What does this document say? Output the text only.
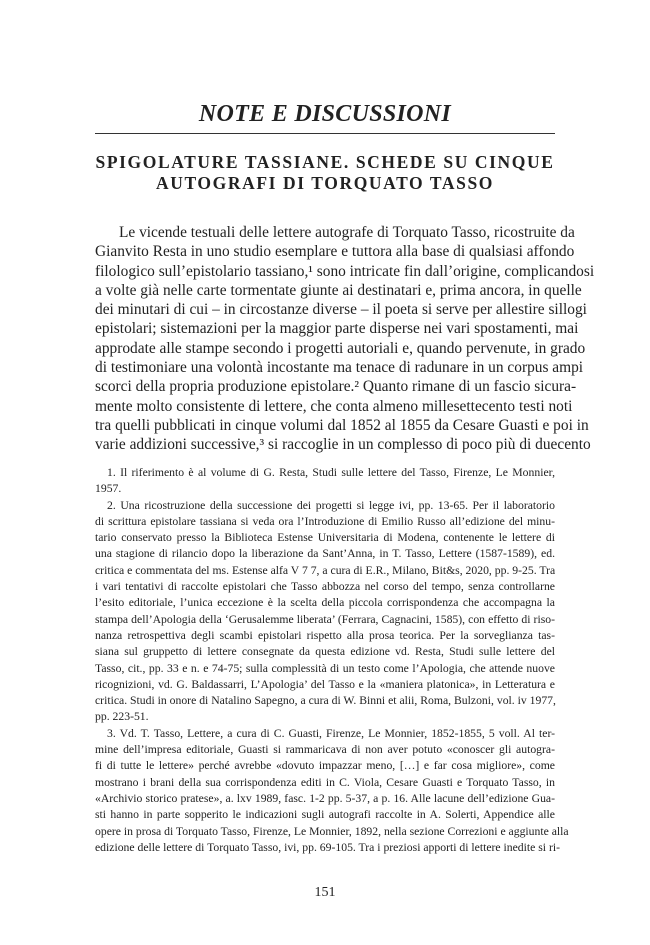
NOTE E DISCUSSIONI
SPIGOLATURE TASSIANE. SCHEDE SU CINQUE
AUTOGRAFI DI TORQUATO TASSO
Le vicende testuali delle lettere autografe di Torquato Tasso, ricostruite da
Gianvito Resta in uno studio esemplare e tuttora alla base di qualsiasi affondo
filologico sull’epistolario tassiano,¹ sono intricate fin dall’origine, complicandosi
a volte già nelle carte tormentate giunte ai destinatari e, prima ancora, in quelle
dei minutari di cui – in circostanze diverse – il poeta si serve per allestire sillogi
epistolari; sistemazioni per la maggior parte disperse nei vari spostamenti, mai
approdate alle stampe secondo i progetti autoriali e, quando pervenute, in grado
di testimoniare una volontà incostante ma tenace di radunare in un corpus ampi
scorci della propria produzione epistolare.² Quanto rimane di un fascio sicura-
mente molto consistente di lettere, che conta almeno millesettecento testi noti
tra quelli pubblicati in cinque volumi dal 1852 al 1855 da Cesare Guasti e poi in
varie addizioni successive,³ si raccoglie in un complesso di poco più di duecento
1. Il riferimento è al volume di G. Resta, Studi sulle lettere del Tasso, Firenze, Le Monnier,
1957.
2. Una ricostruzione della successione dei progetti si legge ivi, pp. 13-65. Per il laboratorio
di scrittura epistolare tassiana si veda ora l’Introduzione di Emilio Russo all’edizione del minu-
tario conservato presso la Biblioteca Estense Universitaria di Modena, contenente le lettere di
una stagione di rilancio dopo la liberazione da Sant’Anna, in T. Tasso, Lettere (1587-1589), ed.
critica e commentata del ms. Estense alfa V 7 7, a cura di E.R., Milano, Bit&s, 2020, pp. 9-25. Tra
i vari tentativi di raccolte epistolari che Tasso abbozza nel corso del tempo, senza controllarne
l’esito editoriale, l’unica eccezione è la scelta della piccola corrispondenza che accompagna la
stampa dell’Apologia della ‘Gerusalemme liberata’ (Ferrara, Cagnacini, 1585), con effetto di riso-
nanza retrospettiva degli scambi epistolari rispetto alla prosa teorica. Per la sorveglianza tas-
siana sul gruppetto di lettere consegnate da questa edizione vd. Resta, Studi sulle lettere del
Tasso, cit., pp. 33 e n. e 74-75; sulla complessità di un testo come l’Apologia, che attende nuove
ricognizioni, vd. G. Baldassarri, L’Apologia’ del Tasso e la «maniera platonica», in Letteratura e
critica. Studi in onore di Natalino Sapegno, a cura di W. Binni et alii, Roma, Bulzoni, vol. iv 1977,
pp. 223-51.
3. Vd. T. Tasso, Lettere, a cura di C. Guasti, Firenze, Le Monnier, 1852-1855, 5 voll. Al ter-
mine dell’impresa editoriale, Guasti si rammaricava di non aver potuto «conoscer gli autogra-
fi di tutte le lettere» perché avrebbe «dovuto impazzar meno, […] e far cosa migliore», come
mostrano i brani della sua corrispondenza editi in C. Viola, Cesare Guasti e Torquato Tasso, in
«Archivio storico pratese», a. lxv 1989, fasc. 1-2 pp. 5-37, a p. 16. Alle lacune dell’edizione Gua-
sti hanno in parte sopperito le indicazioni sugli autografi raccolte in A. Solerti, Appendice alle
opere in prosa di Torquato Tasso, Firenze, Le Monnier, 1892, nella sezione Correzioni e aggiunte alla
edizione delle lettere di Torquato Tasso, ivi, pp. 69-105. Tra i preziosi apporti di lettere inedite si ri-
151
